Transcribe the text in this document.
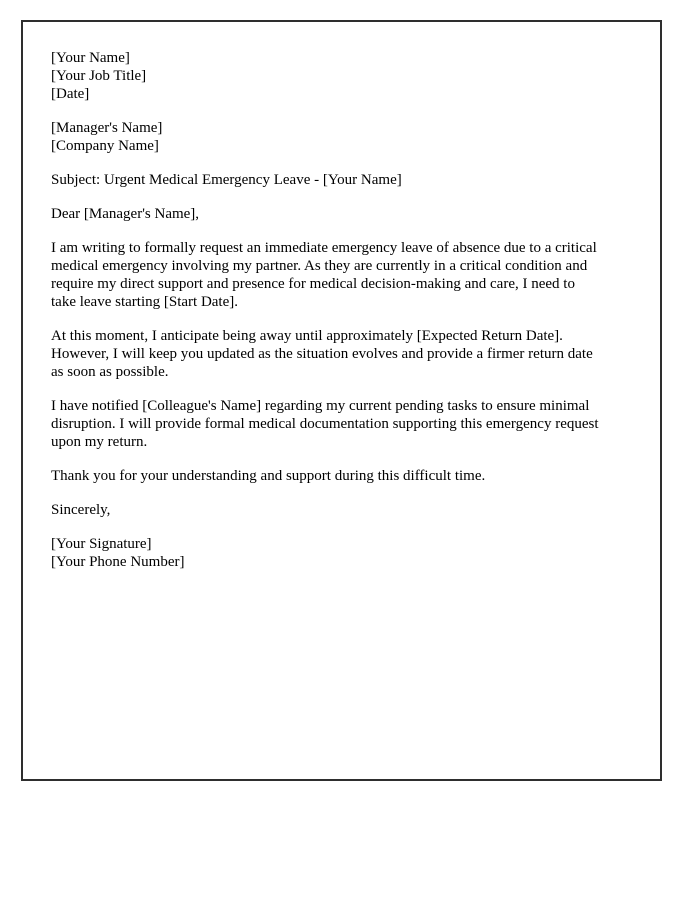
[Your Name]
[Your Job Title]
[Date]
[Manager's Name]
[Company Name]
Subject: Urgent Medical Emergency Leave - [Your Name]
Dear [Manager's Name],
I am writing to formally request an immediate emergency leave of absence due to a critical
medical emergency involving my partner. As they are currently in a critical condition and
require my direct support and presence for medical decision-making and care, I need to
take leave starting [Start Date].
At this moment, I anticipate being away until approximately [Expected Return Date].
However, I will keep you updated as the situation evolves and provide a firmer return date
as soon as possible.
I have notified [Colleague's Name] regarding my current pending tasks to ensure minimal
disruption. I will provide formal medical documentation supporting this emergency request
upon my return.
Thank you for your understanding and support during this difficult time.
Sincerely,
[Your Signature]
[Your Phone Number]
